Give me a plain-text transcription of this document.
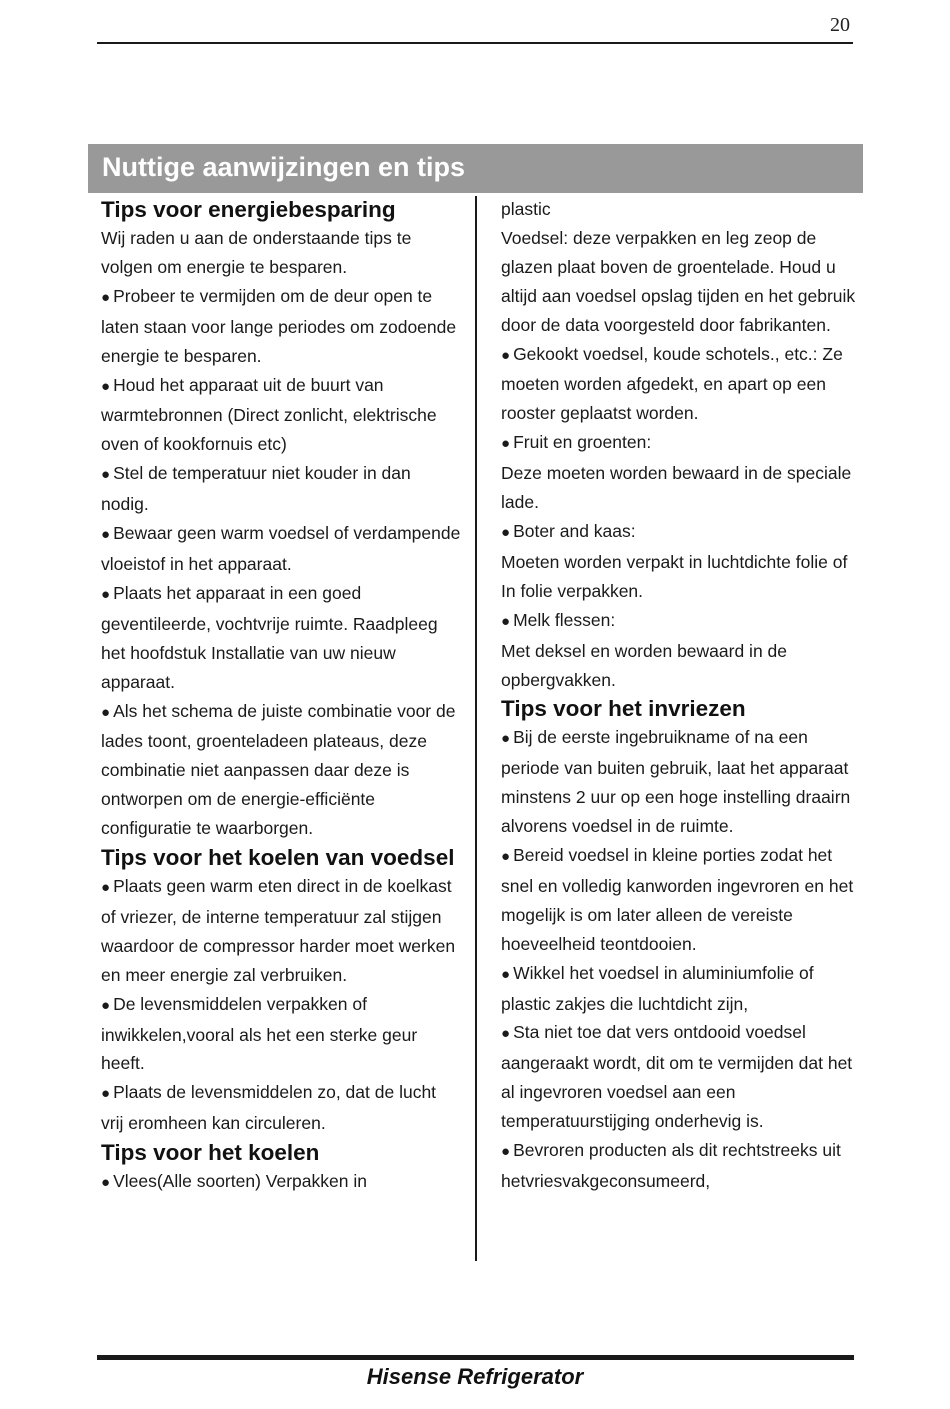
20
Nuttige aanwijzingen en tips
Tips voor energiebesparing

Wij raden u aan de onderstaande tips te volgen om energie te besparen.

● Probeer te vermijden om de deur open te laten staan voor lange periodes om zodoende energie te besparen.

● Houd het apparaat uit de buurt van warmtebronnen (Direct zonlicht, elektrische oven of kookfornuis etc)

● Stel de temperatuur niet kouder in dan nodig.

● Bewaar geen warm voedsel of verdampende vloeistof in het apparaat.

● Plaats het apparaat in een goed geventileerde, vochtvrije ruimte. Raadpleeg het hoofdstuk Installatie van uw nieuw apparaat.

● Als het schema de juiste combinatie voor de lades toont, groenteladeen plateaus, deze combinatie niet aanpassen daar deze is ontworpen om de energie-efficiënte configuratie te waarborgen.

Tips voor het koelen van voedsel

● Plaats geen warm eten direct in de koelkast of vriezer, de interne temperatuur zal stijgen waardoor de compressor harder moet werken en meer energie zal verbruiken.

● De levensmiddelen verpakken of inwikkelen,vooral als het een sterke geur heeft.

● Plaats de levensmiddelen zo, dat de lucht vrij eromheen kan circuleren.

Tips voor het koelen

● Vlees(Alle soorten) Verpakken in

plastic

Voedsel: deze verpakken en leg zeop de glazen plaat boven de groentelade. Houd u altijd aan voedsel opslag tijden en het gebruik door de data voorgesteld door fabrikanten.

● Gekookt voedsel, koude schotels., etc.: Ze moeten worden afgedekt, en apart op een rooster geplaatst worden.

● Fruit en groenten:

Deze moeten worden bewaard in de speciale lade.

● Boter and kaas:

Moeten worden verpakt in luchtdichte folie of In folie verpakken.

● Melk flessen:

Met deksel en worden bewaard in de opbergvakken.

Tips voor het invriezen

● Bij de eerste ingebruikname of na een periode van buiten gebruik, laat het apparaat minstens 2 uur op een hoge instelling draairn alvorens voedsel in de ruimte.

● Bereid voedsel in kleine porties zodat het snel en volledig kanworden ingevroren en het mogelijk is om later alleen de vereiste hoeveelheid teontdooien.

● Wikkel het voedsel in aluminiumfolie of plastic zakjes die luchtdicht zijn,

● Sta niet toe dat vers ontdooid voedsel aangeraakt wordt, dit om te vermijden dat het al ingevroren voedsel aan een temperatuurstijging onderhevig is.

● Bevroren producten als dit rechtstreeks uit hetvriesvakgeconsumeerd,

Hisense Refrigerator
